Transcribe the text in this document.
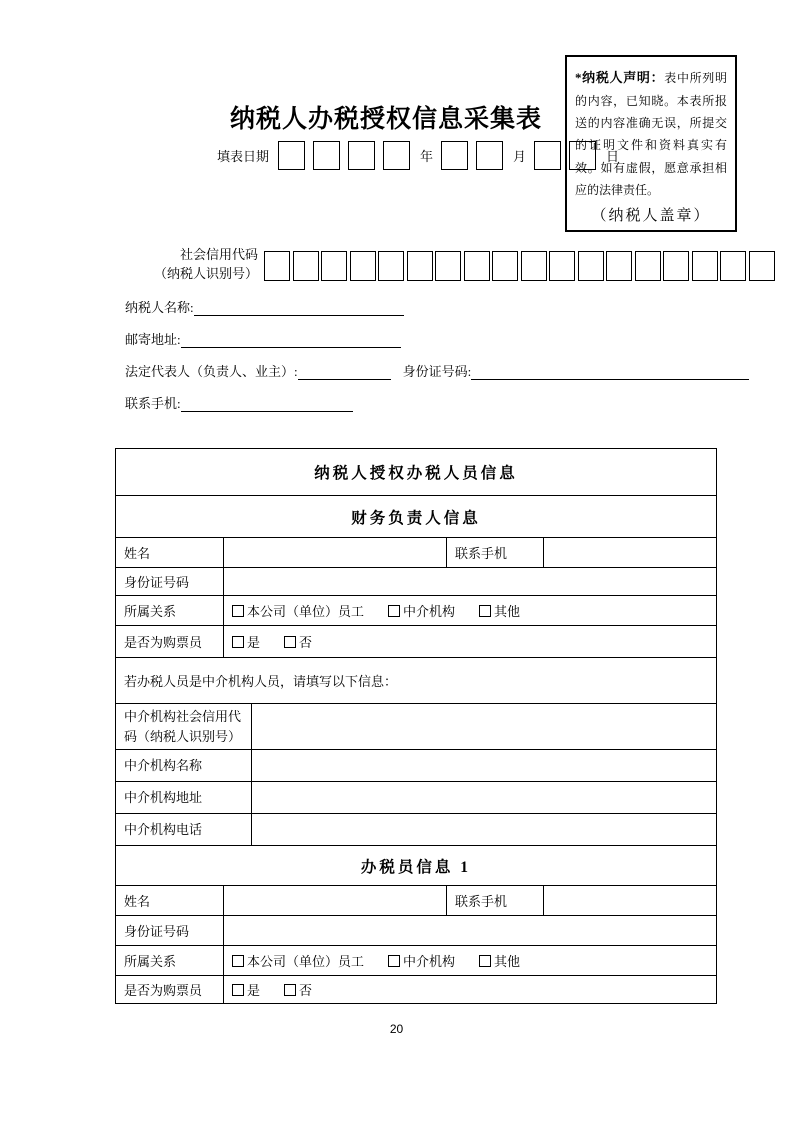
纳税人办税授权信息采集表
填表日期	年	月	日

*纳税人声明：表中所列明的内容，已知晓。本表所报送的内容准确无误，所提交的证明文件和资料真实有效。如有虚假，愿意承担相应的法律责任。

（纳税人盖章）
社会信用代码
（纳税人识别号）
纳税人名称:
邮寄地址:
法定代表人（负责人、业主）:	身份证号码:
联系手机:
纳税人授权办税人员信息
财务负责人信息
姓名	联系手机
身份证号码
所属关系	本公司（单位）员工	中介机构	其他
是否为购票员	是	否
若办税人员是中介机构人员，请填写以下信息：
中介机构社会信用代码（纳税人识别号）
中介机构名称
中介机构地址
中介机构电话
办税员信息 1
姓名	联系手机
身份证号码
所属关系	本公司（单位）员工	中介机构	其他
是否为购票员	是	否
20
